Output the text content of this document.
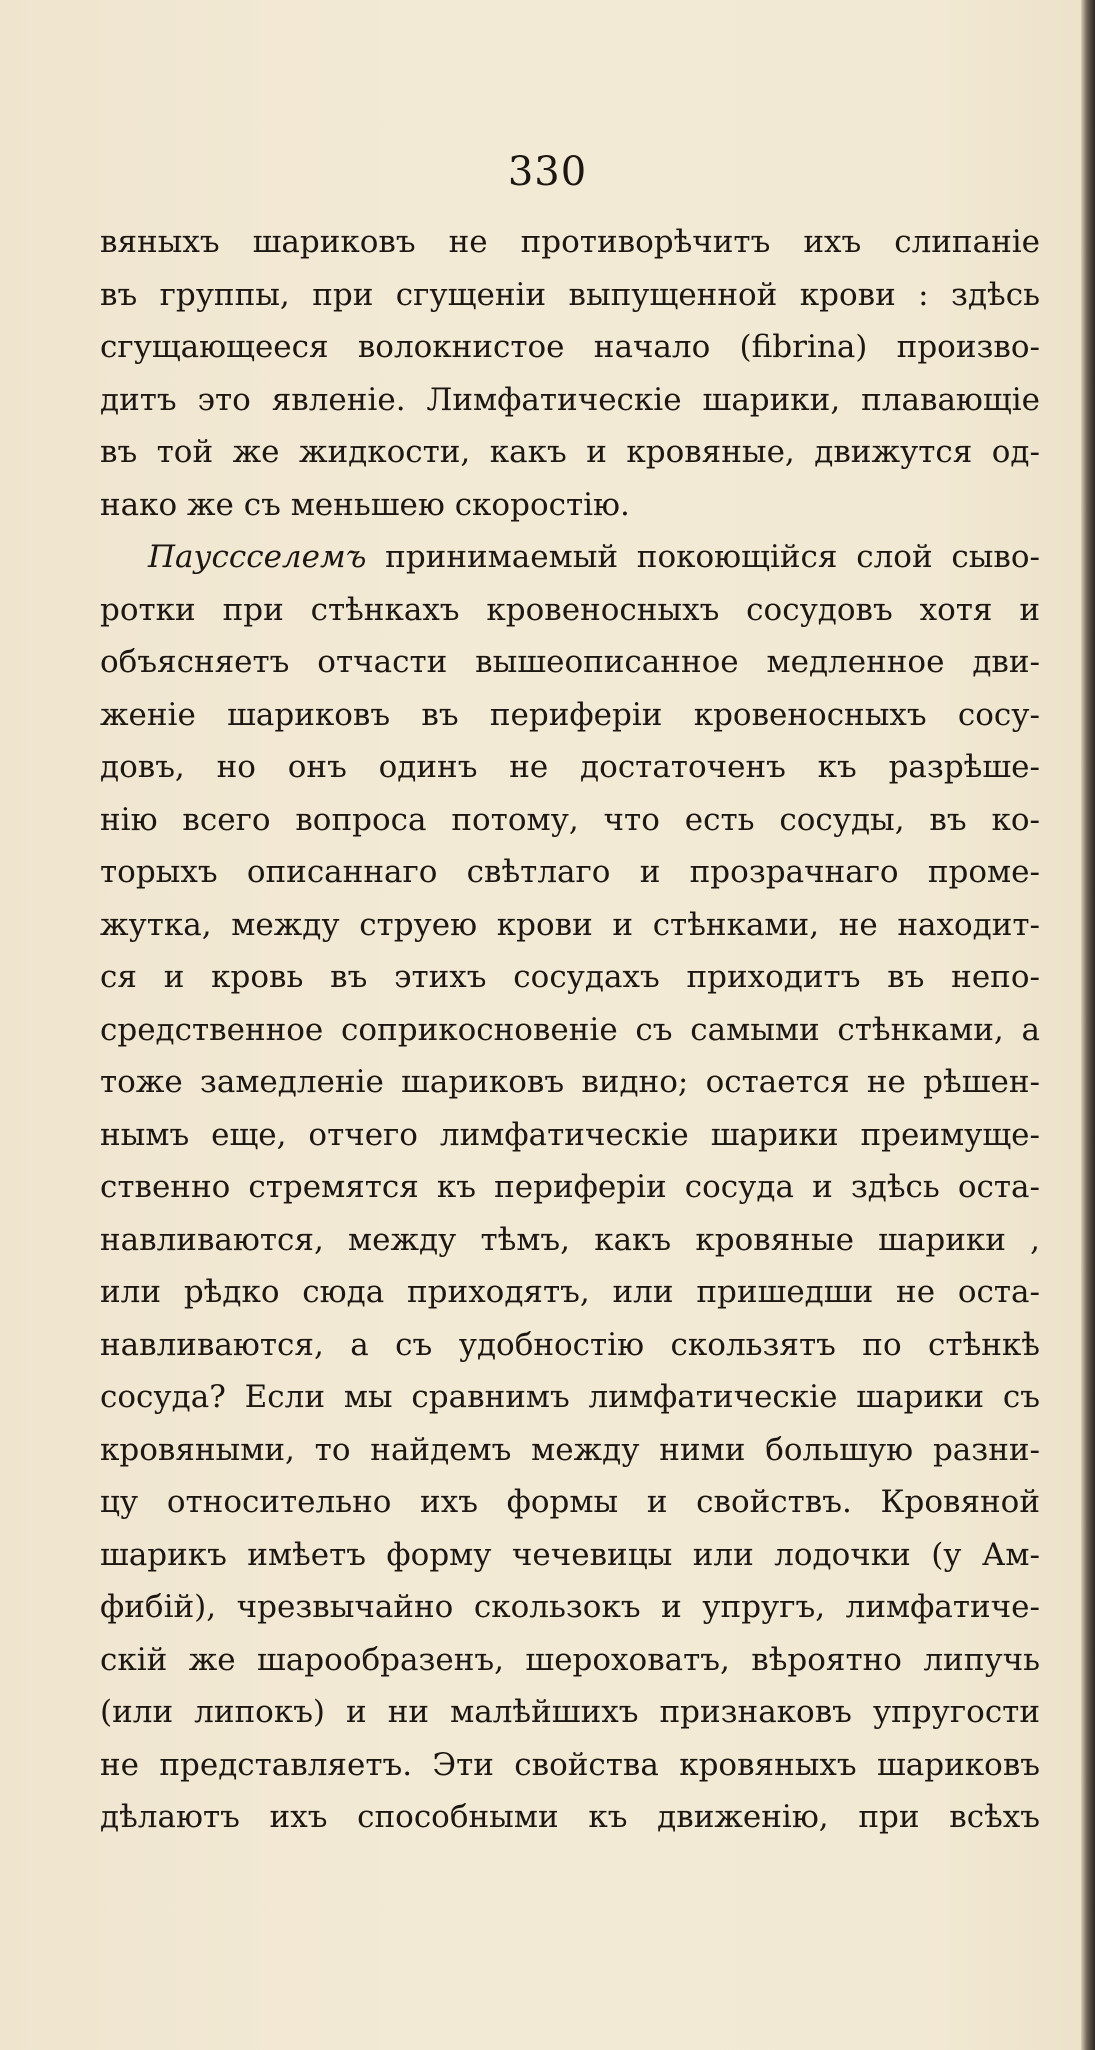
330
вяныхъ шариковъ не противорѣчитъ ихъ слипанiе
въ группы, при сгущенiи выпущенной крови : здѣсь
сгущающееся волокнистое начало (fibrina) произво-
дитъ это явленiе. Лимфатическiе шарики, плавающiе
въ той же жидкости, какъ и кровяные, движутся од-
нако же съ меньшею скоростiю.
Пауссселемъ принимаемый покоющiйся слой сыво-
ротки при стѣнкахъ кровеносныхъ сосудовъ хотя и
объясняетъ отчасти вышеописанное медленное дви-
женiе шариковъ въ периферiи кровеносныхъ сосу-
довъ, но онъ одинъ не достаточенъ къ разрѣше-
нiю всего вопроса потому, что есть сосуды, въ ко-
торыхъ описаннаго свѣтлаго и прозрачнаго проме-
жутка, между струею крови и стѣнками, не находит-
ся и кровь въ этихъ сосудахъ приходитъ въ непо-
средственное соприкосновенiе съ самыми стѣнками, а
тоже замедленiе шариковъ видно; остается не рѣшен-
нымъ еще, отчего лимфатическiе шарики преимуще-
ственно стремятся къ периферiи сосуда и здѣсь оста-
навливаются, между тѣмъ, какъ кровяные шарики ,
или рѣдко сюда приходятъ, или пришедши не оста-
навливаются, а съ удобностiю скользятъ по стѣнкѣ
сосуда? Если мы сравнимъ лимфатическiе шарики съ
кровяными, то найдемъ между ними большую разни-
цу относительно ихъ формы и свойствъ. Кровяной
шарикъ имѣетъ форму чечевицы или лодочки (у Ам-
фибiй), чрезвычайно скользокъ и упругъ, лимфатиче-
скiй же шарообразенъ, шероховатъ, вѣроятно липучь
(или липокъ) и ни малѣйшихъ признаковъ упругости
не представляетъ. Эти свойства кровяныхъ шариковъ
дѣлаютъ ихъ способными къ движенiю, при всѣхъ
